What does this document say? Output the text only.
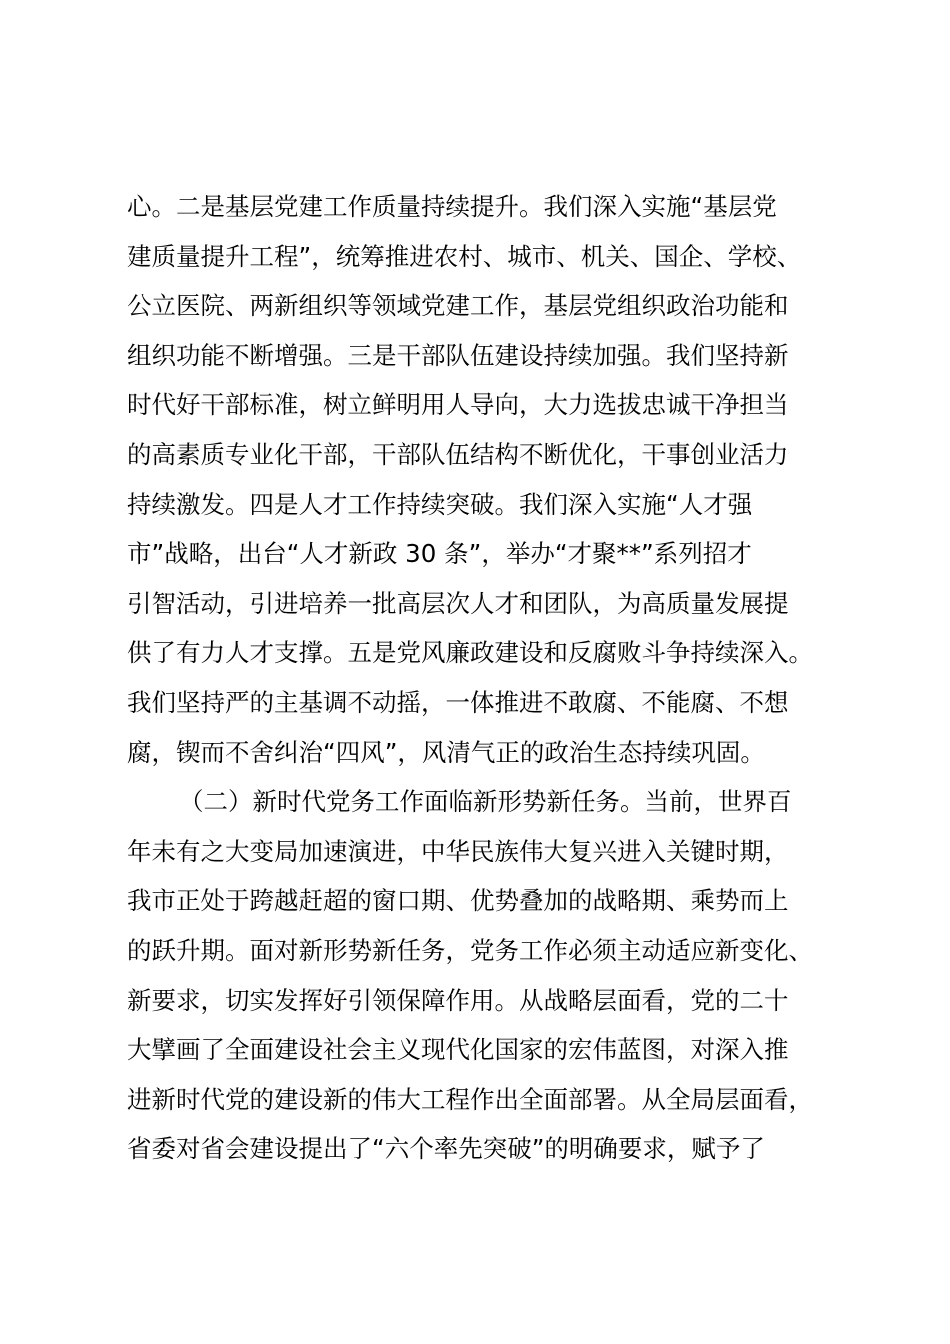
心。二是基层党建工作质量持续提升。我们深入实施“基层党
建质量提升工程”，统筹推进农村、城市、机关、国企、学校、
公立医院、两新组织等领域党建工作，基层党组织政治功能和
组织功能不断增强。三是干部队伍建设持续加强。我们坚持新
时代好干部标准，树立鲜明用人导向，大力选拔忠诚干净担当
的高素质专业化干部，干部队伍结构不断优化，干事创业活力
持续激发。四是人才工作持续突破。我们深入实施“人才强
市”战略，出台“人才新政 30 条”，举办“才聚**”系列招才
引智活动，引进培养一批高层次人才和团队，为高质量发展提
供了有力人才支撑。五是党风廉政建设和反腐败斗争持续深入。
我们坚持严的主基调不动摇，一体推进不敢腐、不能腐、不想
腐，锲而不舍纠治“四风”，风清气正的政治生态持续巩固。
（二）新时代党务工作面临新形势新任务。当前，世界百
年未有之大变局加速演进，中华民族伟大复兴进入关键时期，
我市正处于跨越赶超的窗口期、优势叠加的战略期、乘势而上
的跃升期。面对新形势新任务，党务工作必须主动适应新变化、
新要求，切实发挥好引领保障作用。从战略层面看，党的二十
大擘画了全面建设社会主义现代化国家的宏伟蓝图，对深入推
进新时代党的建设新的伟大工程作出全面部署。从全局层面看，
省委对省会建设提出了“六个率先突破”的明确要求，赋予了
